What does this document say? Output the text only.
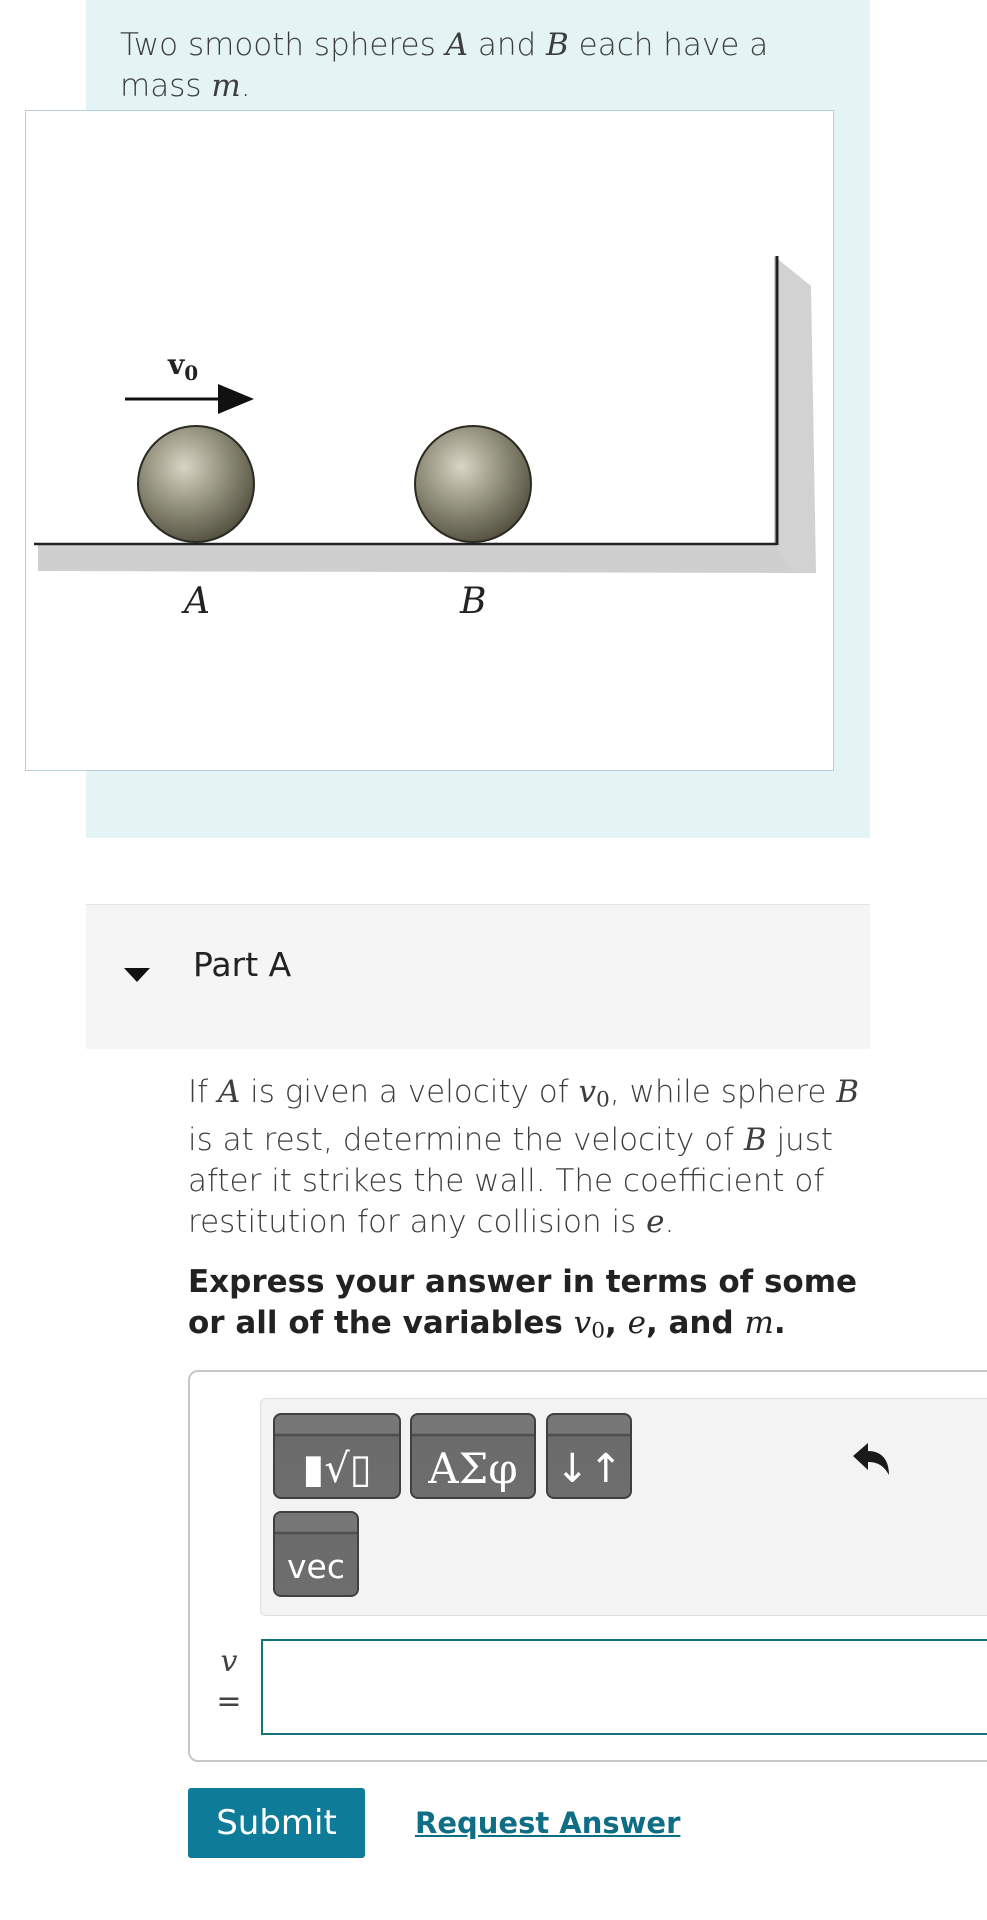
Two smooth spheres A and B each have a mass m.
$v_0$
A	B
Part A
If A is given a velocity of $v_0$, while sphere B is at rest, determine the velocity of B just after it strikes the wall. The coefficient of restitution for any collision is e.
Express your answer in terms of some or all of the variables $v_0$, e, and m.
▮√▯	ΑΣφ ↓↑
vec
v
=
Submit	Request Answer
